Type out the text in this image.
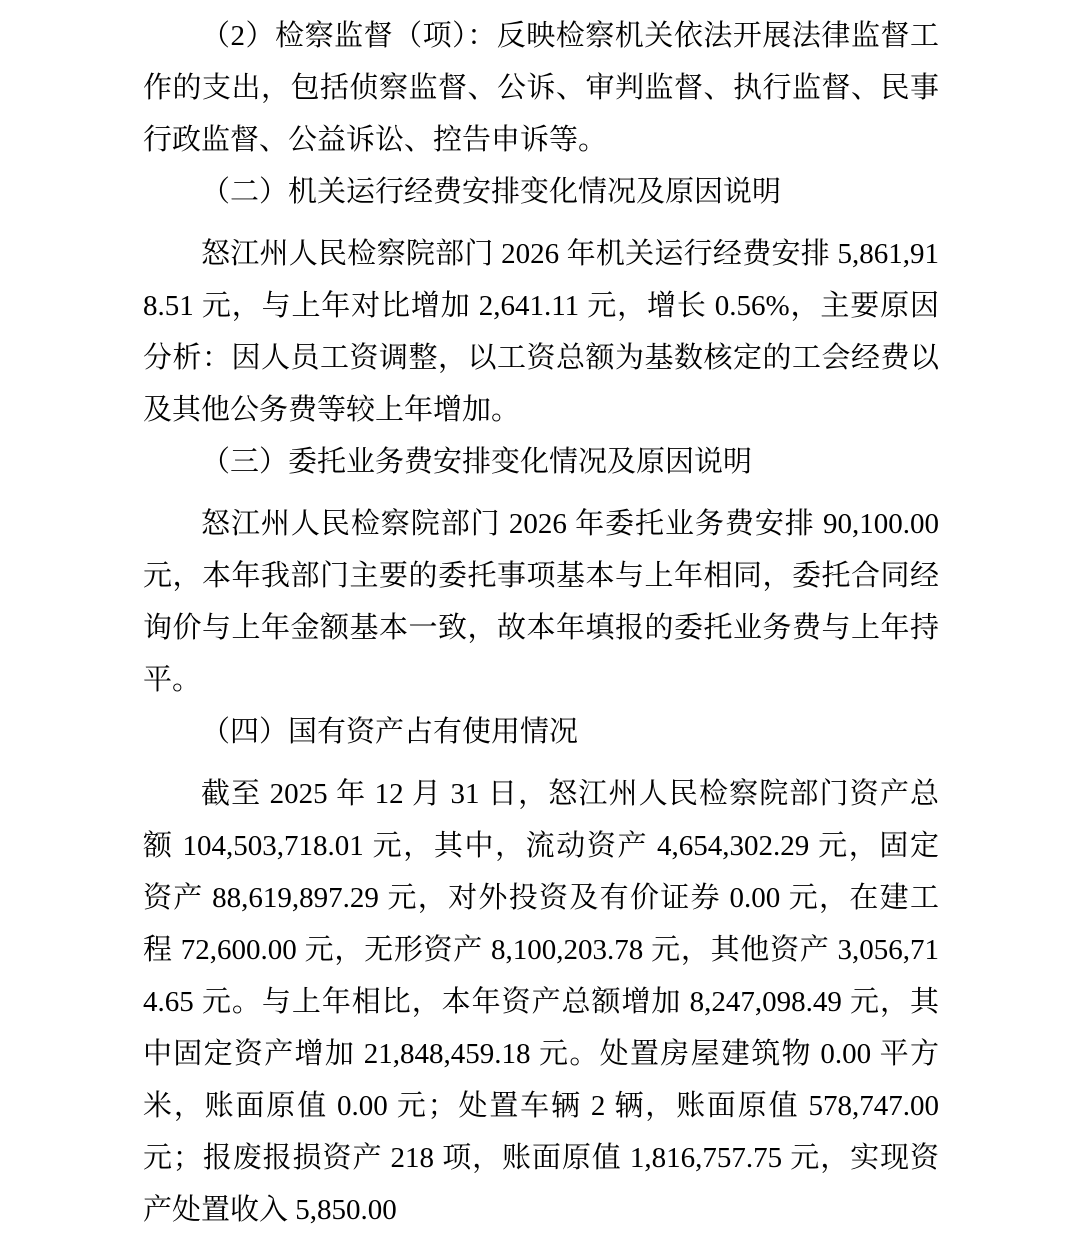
（2）检察监督（项）：反映检察机关依法开展法律监督工作的支出，包括侦察监督、公诉、审判监督、执行监督、民事行政监督、公益诉讼、控告申诉等。

（二）机关运行经费安排变化情况及原因说明

怒江州人民检察院部门 2026 年机关运行经费安排 5,861,918.51 元，与上年对比增加 2,641.11 元，增长 0.56%，主要原因分析：因人员工资调整，以工资总额为基数核定的工会经费以及其他公务费等较上年增加。

（三）委托业务费安排变化情况及原因说明

怒江州人民检察院部门 2026 年委托业务费安排 90,100.00 元，本年我部门主要的委托事项基本与上年相同，委托合同经询价与上年金额基本一致，故本年填报的委托业务费与上年持平。

（四）国有资产占有使用情况

截至 2025 年 12 月 31 日，怒江州人民检察院部门资产总额 104,503,718.01 元，其中，流动资产 4,654,302.29 元，固定资产 88,619,897.29 元，对外投资及有价证券 0.00 元，在建工程 72,600.00 元，无形资产 8,100,203.78 元，其他资产 3,056,714.65 元。与上年相比，本年资产总额增加 8,247,098.49 元，其中固定资产增加 21,848,459.18 元。处置房屋建筑物 0.00 平方米，账面原值 0.00 元；处置车辆 2 辆，账面原值 578,747.00 元；报废报损资产 218 项，账面原值 1,816,757.75 元，实现资产处置收入 5,850.00
